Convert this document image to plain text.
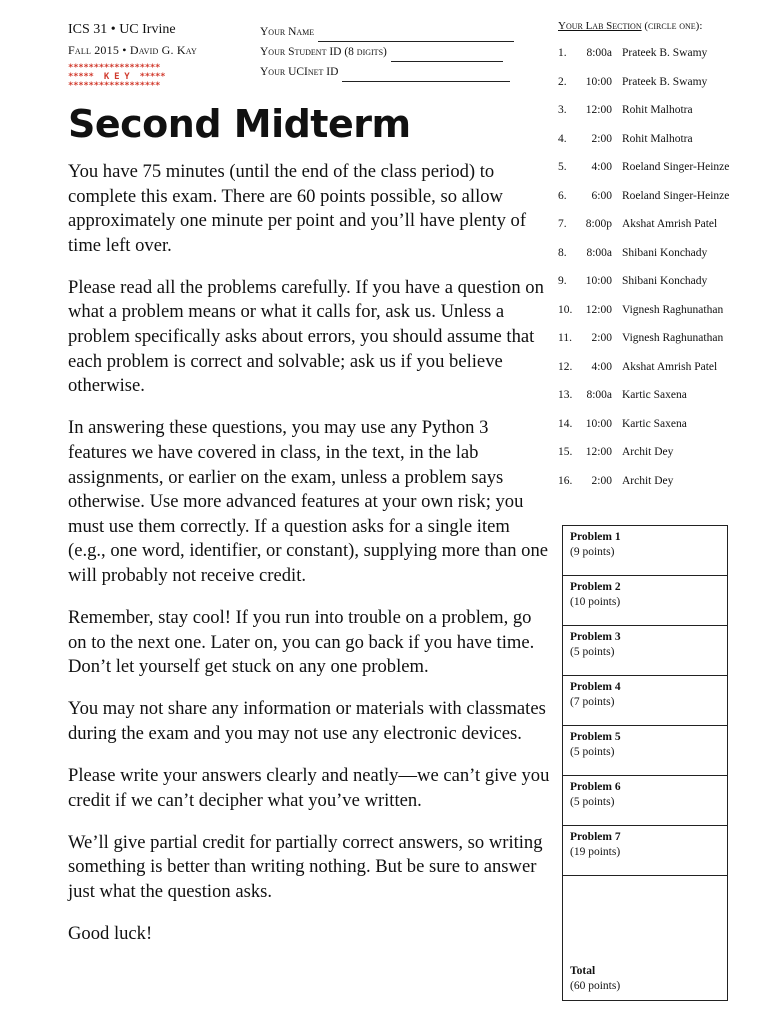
ICS 31 • UC Irvine
Fall 2015 • David G. Kay
******************
*****  K E Y  *****
******************
Your Name
Your Student ID (8 digits)
Your UCInet ID
Second Midterm

You have 75 minutes (until the end of the class period) to complete this exam. There are 60 points possible, so allow approximately one minute per point and you’ll have plenty of time left over.

Please read all the problems carefully. If you have a question on what a problem means or what it calls for, ask us. Unless a problem specifically asks about errors, you should assume that each problem is correct and solvable; ask us if you believe otherwise.

In answering these questions, you may use any Python 3 features we have covered in class, in the text, in the lab assignments, or earlier on the exam, unless a problem says otherwise. Use more advanced features at your own risk; you must use them correctly. If a question asks for a single item (e.g., one word, identifier, or constant), supplying more than one will probably not receive credit.

Remember, stay cool! If you run into trouble on a problem, go on to the next one. Later on, you can go back if you have time. Don’t let yourself get stuck on any one problem.

You may not share any information or materials with classmates during the exam and you may not use any electronic devices.

Please write your answers clearly and neatly—we can’t give you credit if we can’t decipher what you’ve written.

We’ll give partial credit for partially correct answers, so writing something is better than writing nothing. But be sure to answer just what the question asks.

Good luck!

Your Lab Section (circle one):
1.	8:00a Prateek B. Swamy
2.	10:00 Prateek B. Swamy
3.	12:00 Rohit Malhotra
4.	2:00 Rohit Malhotra
5.	4:00 Roeland Singer-Heinze
6.	6:00 Roeland Singer-Heinze
7.	8:00p Akshat Amrish Patel
8.	8:00a Shibani Konchady
9.	10:00 Shibani Konchady
10.	12:00 Vignesh Raghunathan
11.	2:00 Vignesh Raghunathan
12.	4:00 Akshat Amrish Patel
13.	8:00a Kartic Saxena
14.	10:00 Kartic Saxena
15.	12:00 Archit Dey
16.	2:00 Archit Dey
Problem 1
(9 points)
Problem 2
(10 points)
Problem 3
(5 points)
Problem 4
(7 points)
Problem 5
(5 points)
Problem 6
(5 points)
Problem 7
(19 points)
Total
(60 points)
